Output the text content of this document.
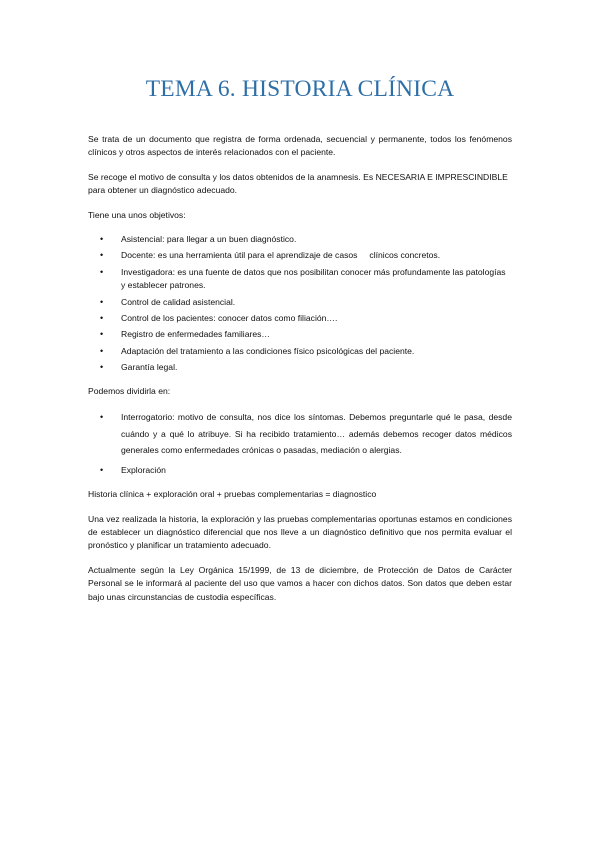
TEMA 6. HISTORIA CLÍNICA

Se trata de un documento que registra de forma ordenada, secuencial y permanente, todos los fenómenos clínicos y otros aspectos de interés relacionados con el paciente.

Se recoge el motivo de consulta y los datos obtenidos de la anamnesis. Es NECESARIA E IMPRESCINDIBLE para obtener un diagnóstico adecuado.

Tiene una unos objetivos:

• Asistencial: para llegar a un buen diagnóstico.
• Docente: es una herramienta útil para el aprendizaje de casos     clínicos concretos.
• Investigadora: es una fuente de datos que nos posibilitan conocer más profundamente las patologías y establecer patrones.
• Control de calidad asistencial.
• Control de los pacientes: conocer datos como filiación….
• Registro de enfermedades familiares…
• Adaptación del tratamiento a las condiciones físico psicológicas del paciente.
• Garantía legal.

Podemos dividirla en:

• Interrogatorio: motivo de consulta, nos dice los síntomas. Debemos preguntarle qué le pasa, desde cuándo y a qué lo atribuye. Si ha recibido tratamiento… además debemos recoger datos médicos generales como enfermedades crónicas o pasadas, mediación o alergias.
• Exploración

Historia clínica + exploración oral + pruebas complementarias = diagnostico

Una vez realizada la historia, la exploración y las pruebas complementarias oportunas estamos en condiciones de establecer un diagnóstico diferencial que nos lleve a un diagnóstico definitivo que nos permita evaluar el pronóstico y planificar un tratamiento adecuado.

Actualmente según la Ley Orgánica 15/1999, de 13 de diciembre, de Protección de Datos de Carácter Personal se le informará al paciente del uso que vamos a hacer con dichos datos. Son datos que deben estar bajo unas circunstancias de custodia específicas.
